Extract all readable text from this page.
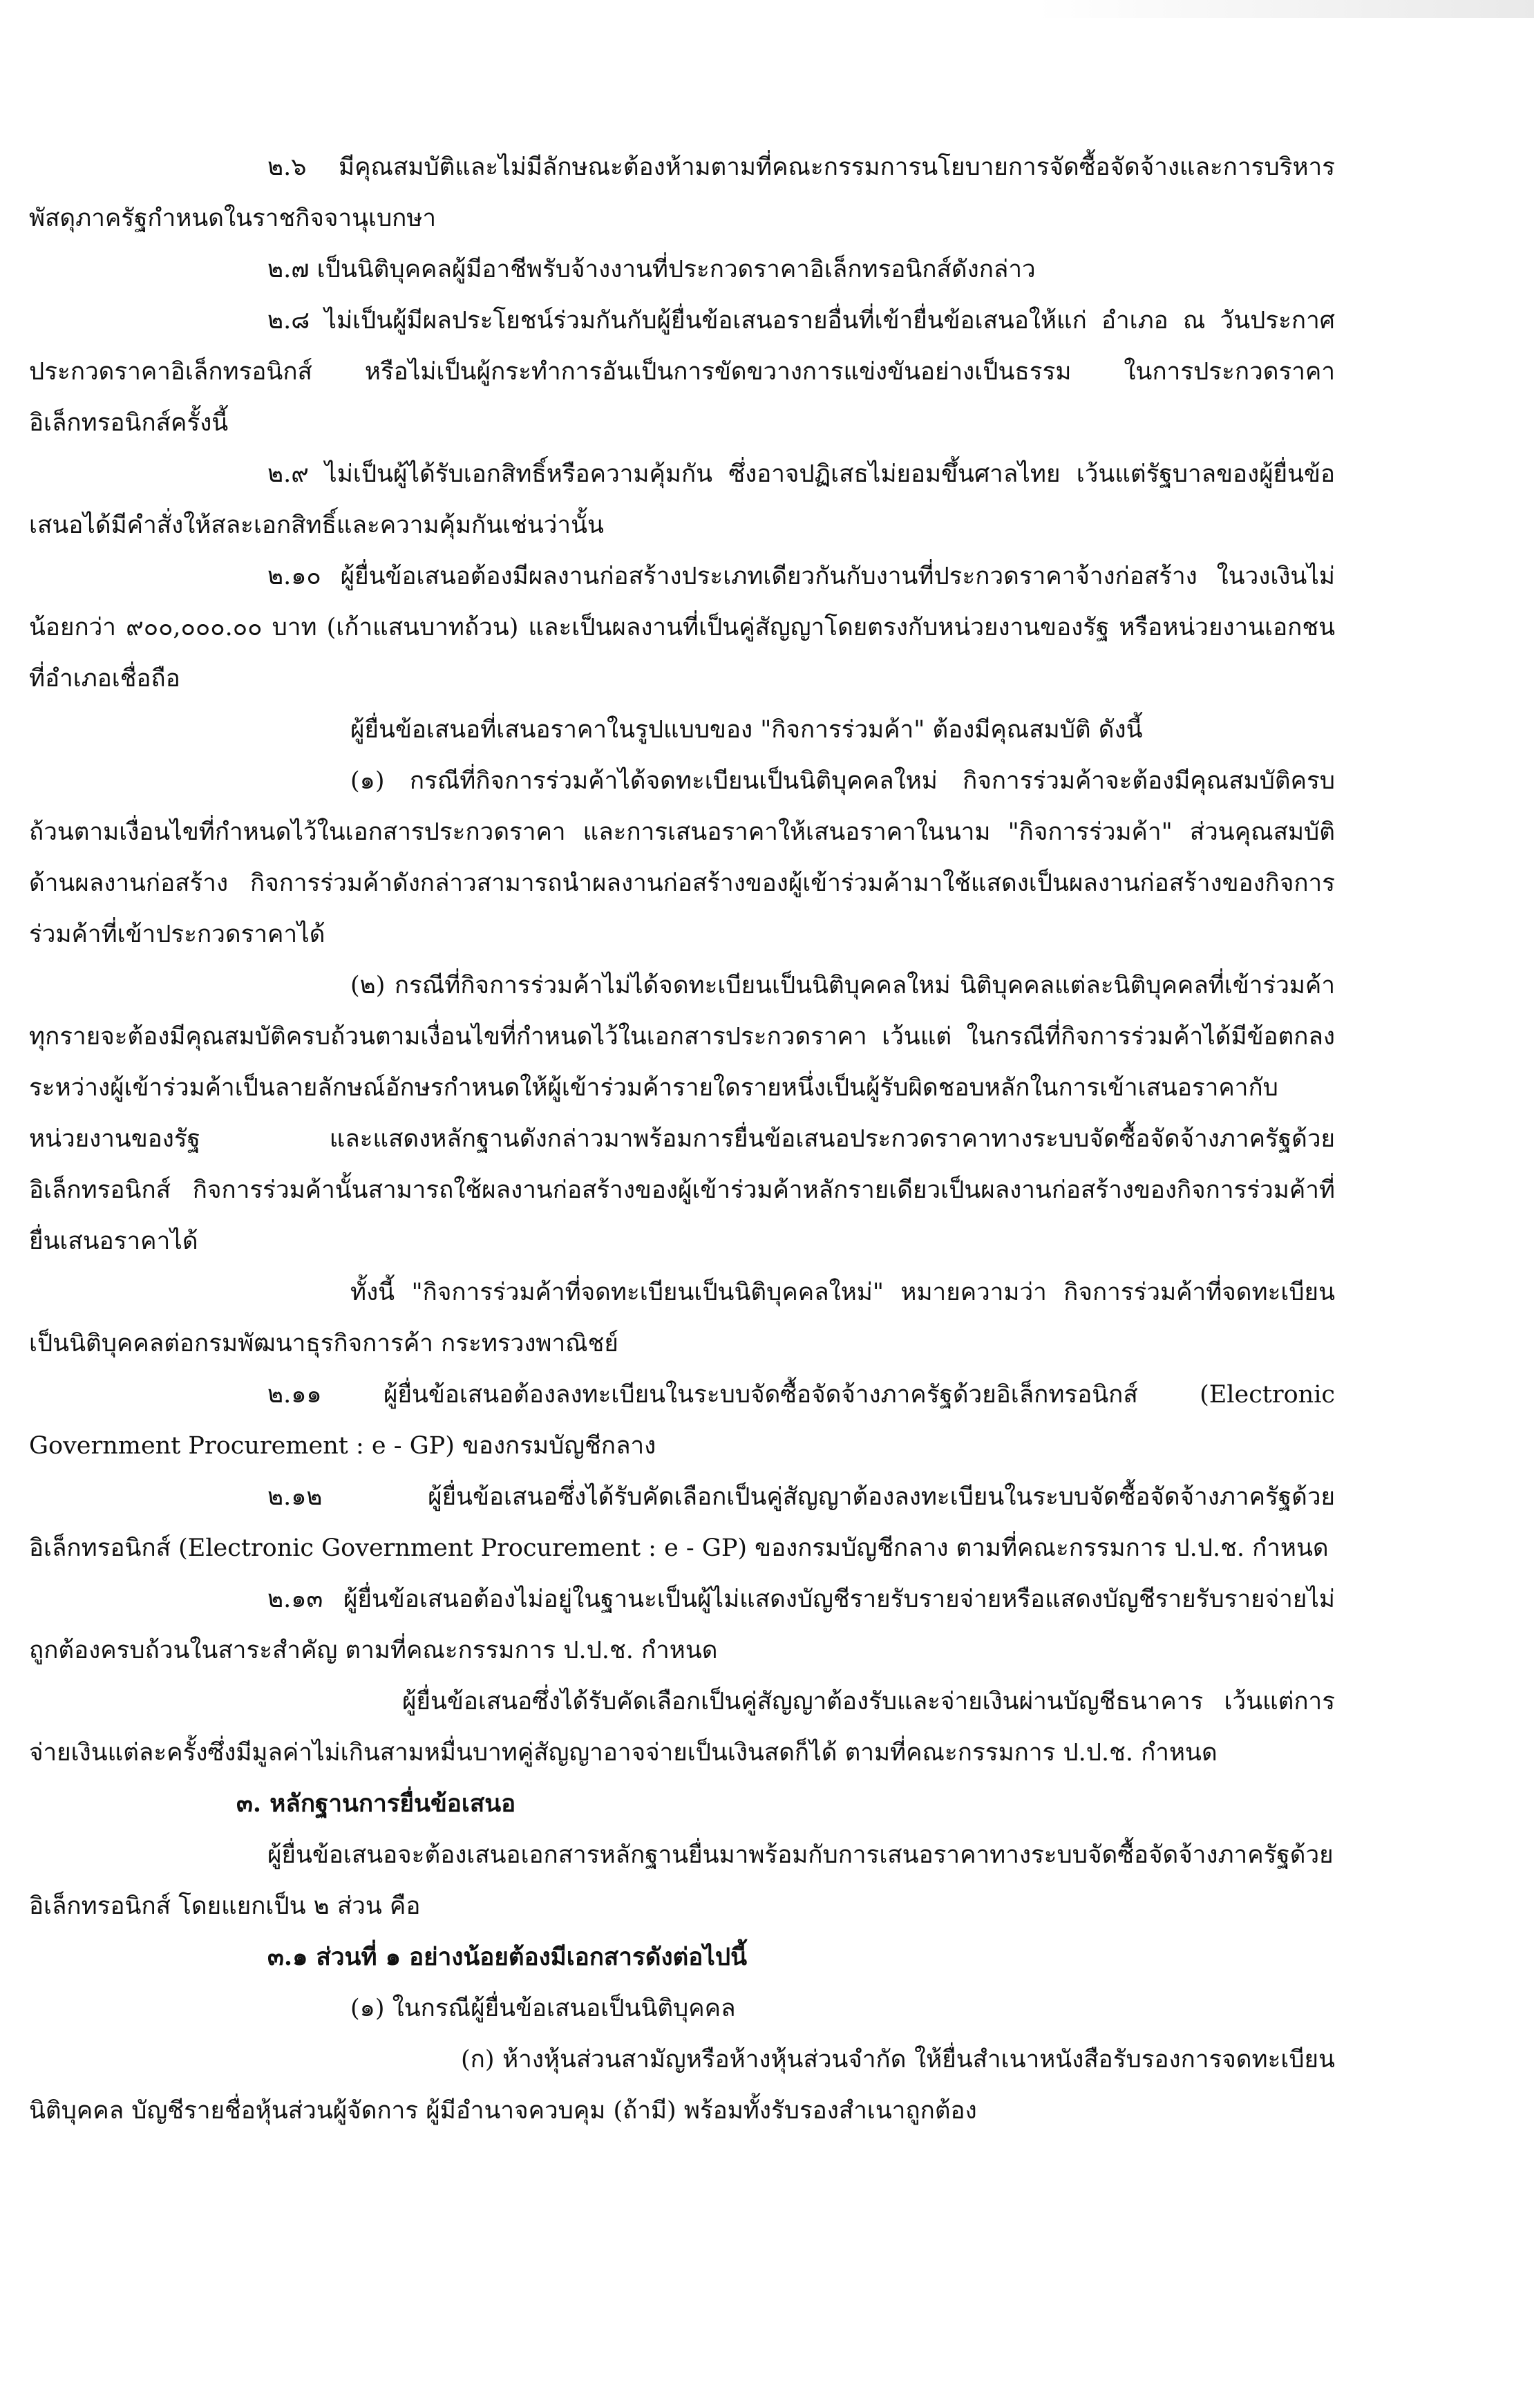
๒.๖ มีคุณสมบัติและไม่มีลักษณะต้องห้ามตามที่คณะกรรมการนโยบายการจัดซื้อจัดจ้างและการบริหารพัสดุภาครัฐกำหนดในราชกิจจานุเบกษา

๒.๗ เป็นนิติบุคคลผู้มีอาชีพรับจ้างงานที่ประกวดราคาอิเล็กทรอนิกส์ดังกล่าว

๒.๘ ไม่เป็นผู้มีผลประโยชน์ร่วมกันกับผู้ยื่นข้อเสนอรายอื่นที่เข้ายื่นข้อเสนอให้แก่ อำเภอ ณ วันประกาศประกวดราคาอิเล็กทรอนิกส์ หรือไม่เป็นผู้กระทำการอันเป็นการขัดขวางการแข่งขันอย่างเป็นธรรม ในการประกวดราคาอิเล็กทรอนิกส์ครั้งนี้

๒.๙ ไม่เป็นผู้ได้รับเอกสิทธิ์หรือความคุ้มกัน ซึ่งอาจปฏิเสธไม่ยอมขึ้นศาลไทย เว้นแต่รัฐบาลของผู้ยื่นข้อเสนอได้มีคำสั่งให้สละเอกสิทธิ์และความคุ้มกันเช่นว่านั้น

๒.๑๐ ผู้ยื่นข้อเสนอต้องมีผลงานก่อสร้างประเภทเดียวกันกับงานที่ประกวดราคาจ้างก่อสร้าง ในวงเงินไม่น้อยกว่า ๙๐๐,๐๐๐.๐๐ บาท (เก้าแสนบาทถ้วน) และเป็นผลงานที่เป็นคู่สัญญาโดยตรงกับหน่วยงานของรัฐ หรือหน่วยงานเอกชนที่อำเภอเชื่อถือ

ผู้ยื่นข้อเสนอที่เสนอราคาในรูปแบบของ "กิจการร่วมค้า" ต้องมีคุณสมบัติ ดังนี้

(๑) กรณีที่กิจการร่วมค้าได้จดทะเบียนเป็นนิติบุคคลใหม่ กิจการร่วมค้าจะต้องมีคุณสมบัติครบถ้วนตามเงื่อนไขที่กำหนดไว้ในเอกสารประกวดราคา และการเสนอราคาให้เสนอราคาในนาม "กิจการร่วมค้า" ส่วนคุณสมบัติด้านผลงานก่อสร้าง กิจการร่วมค้าดังกล่าวสามารถนำผลงานก่อสร้างของผู้เข้าร่วมค้ามาใช้แสดงเป็นผลงานก่อสร้างของกิจการร่วมค้าที่เข้าประกวดราคาได้

(๒) กรณีที่กิจการร่วมค้าไม่ได้จดทะเบียนเป็นนิติบุคคลใหม่ นิติบุคคลแต่ละนิติบุคคลที่เข้าร่วมค้าทุกรายจะต้องมีคุณสมบัติครบถ้วนตามเงื่อนไขที่กำหนดไว้ในเอกสารประกวดราคา เว้นแต่ ในกรณีที่กิจการร่วมค้าได้มีข้อตกลงระหว่างผู้เข้าร่วมค้าเป็นลายลักษณ์อักษรกำหนดให้ผู้เข้าร่วมค้ารายใดรายหนึ่งเป็นผู้รับผิดชอบหลักในการเข้าเสนอราคากับหน่วยงานของรัฐ และแสดงหลักฐานดังกล่าวมาพร้อมการยื่นข้อเสนอประกวดราคาทางระบบจัดซื้อจัดจ้างภาครัฐด้วยอิเล็กทรอนิกส์ กิจการร่วมค้านั้นสามารถใช้ผลงานก่อสร้างของผู้เข้าร่วมค้าหลักรายเดียวเป็นผลงานก่อสร้างของกิจการร่วมค้าที่ยื่นเสนอราคาได้

ทั้งนี้ "กิจการร่วมค้าที่จดทะเบียนเป็นนิติบุคคลใหม่" หมายความว่า กิจการร่วมค้าที่จดทะเบียนเป็นนิติบุคคลต่อกรมพัฒนาธุรกิจการค้า กระทรวงพาณิชย์

๒.๑๑ ผู้ยื่นข้อเสนอต้องลงทะเบียนในระบบจัดซื้อจัดจ้างภาครัฐด้วยอิเล็กทรอนิกส์ (Electronic Government Procurement : e - GP) ของกรมบัญชีกลาง

๒.๑๒ ผู้ยื่นข้อเสนอซึ่งได้รับคัดเลือกเป็นคู่สัญญาต้องลงทะเบียนในระบบจัดซื้อจัดจ้างภาครัฐด้วยอิเล็กทรอนิกส์ (Electronic Government Procurement : e - GP) ของกรมบัญชีกลาง ตามที่คณะกรรมการ ป.ป.ช. กำหนด

๒.๑๓ ผู้ยื่นข้อเสนอต้องไม่อยู่ในฐานะเป็นผู้ไม่แสดงบัญชีรายรับรายจ่ายหรือแสดงบัญชีรายรับรายจ่ายไม่ถูกต้องครบถ้วนในสาระสำคัญ ตามที่คณะกรรมการ ป.ป.ช. กำหนด

ผู้ยื่นข้อเสนอซึ่งได้รับคัดเลือกเป็นคู่สัญญาต้องรับและจ่ายเงินผ่านบัญชีธนาคาร เว้นแต่การจ่ายเงินแต่ละครั้งซึ่งมีมูลค่าไม่เกินสามหมื่นบาทคู่สัญญาอาจจ่ายเป็นเงินสดก็ได้ ตามที่คณะกรรมการ ป.ป.ช. กำหนด

๓. หลักฐานการยื่นข้อเสนอ

ผู้ยื่นข้อเสนอจะต้องเสนอเอกสารหลักฐานยื่นมาพร้อมกับการเสนอราคาทางระบบจัดซื้อจัดจ้างภาครัฐด้วยอิเล็กทรอนิกส์ โดยแยกเป็น ๒ ส่วน คือ

๓.๑ ส่วนที่ ๑ อย่างน้อยต้องมีเอกสารดังต่อไปนี้

(๑) ในกรณีผู้ยื่นข้อเสนอเป็นนิติบุคคล

(ก) ห้างหุ้นส่วนสามัญหรือห้างหุ้นส่วนจำกัด ให้ยื่นสำเนาหนังสือรับรองการจดทะเบียนนิติบุคคล บัญชีรายชื่อหุ้นส่วนผู้จัดการ ผู้มีอำนาจควบคุม (ถ้ามี) พร้อมทั้งรับรองสำเนาถูกต้อง
